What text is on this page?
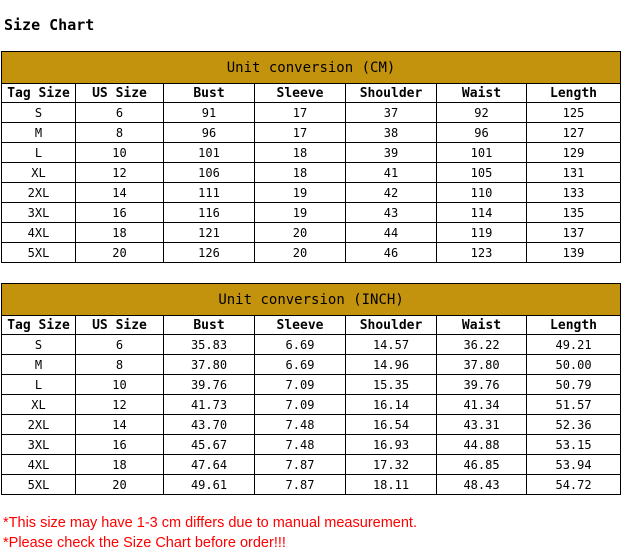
Size Chart
Unit conversion (CM)						
Tag Size	US Size	Bust	Sleeve	Shoulder	Waist	Length
S	6	91	17	37	92	125
M	8	96	17	38	96	127
L	10	101	18	39	101	129
XL	12	106	18	41	105	131
2XL	14	111	19	42	110	133
3XL	16	116	19	43	114	135
4XL	18	121	20	44	119	137
5XL	20	126	20	46	123	139
Unit conversion (INCH)						
Tag Size	US Size	Bust	Sleeve	Shoulder	Waist	Length
S	6	35.83	6.69	14.57	36.22	49.21
M	8	37.80	6.69	14.96	37.80	50.00
L	10	39.76	7.09	15.35	39.76	50.79
XL	12	41.73	7.09	16.14	41.34	51.57
2XL	14	43.70	7.48	16.54	43.31	52.36
3XL	16	45.67	7.48	16.93	44.88	53.15
4XL	18	47.64	7.87	17.32	46.85	53.94
5XL	20	49.61	7.87	18.11	48.43	54.72
*This size may have 1-3 cm differs due to manual measurement.
*Please check the Size Chart before order!!!
